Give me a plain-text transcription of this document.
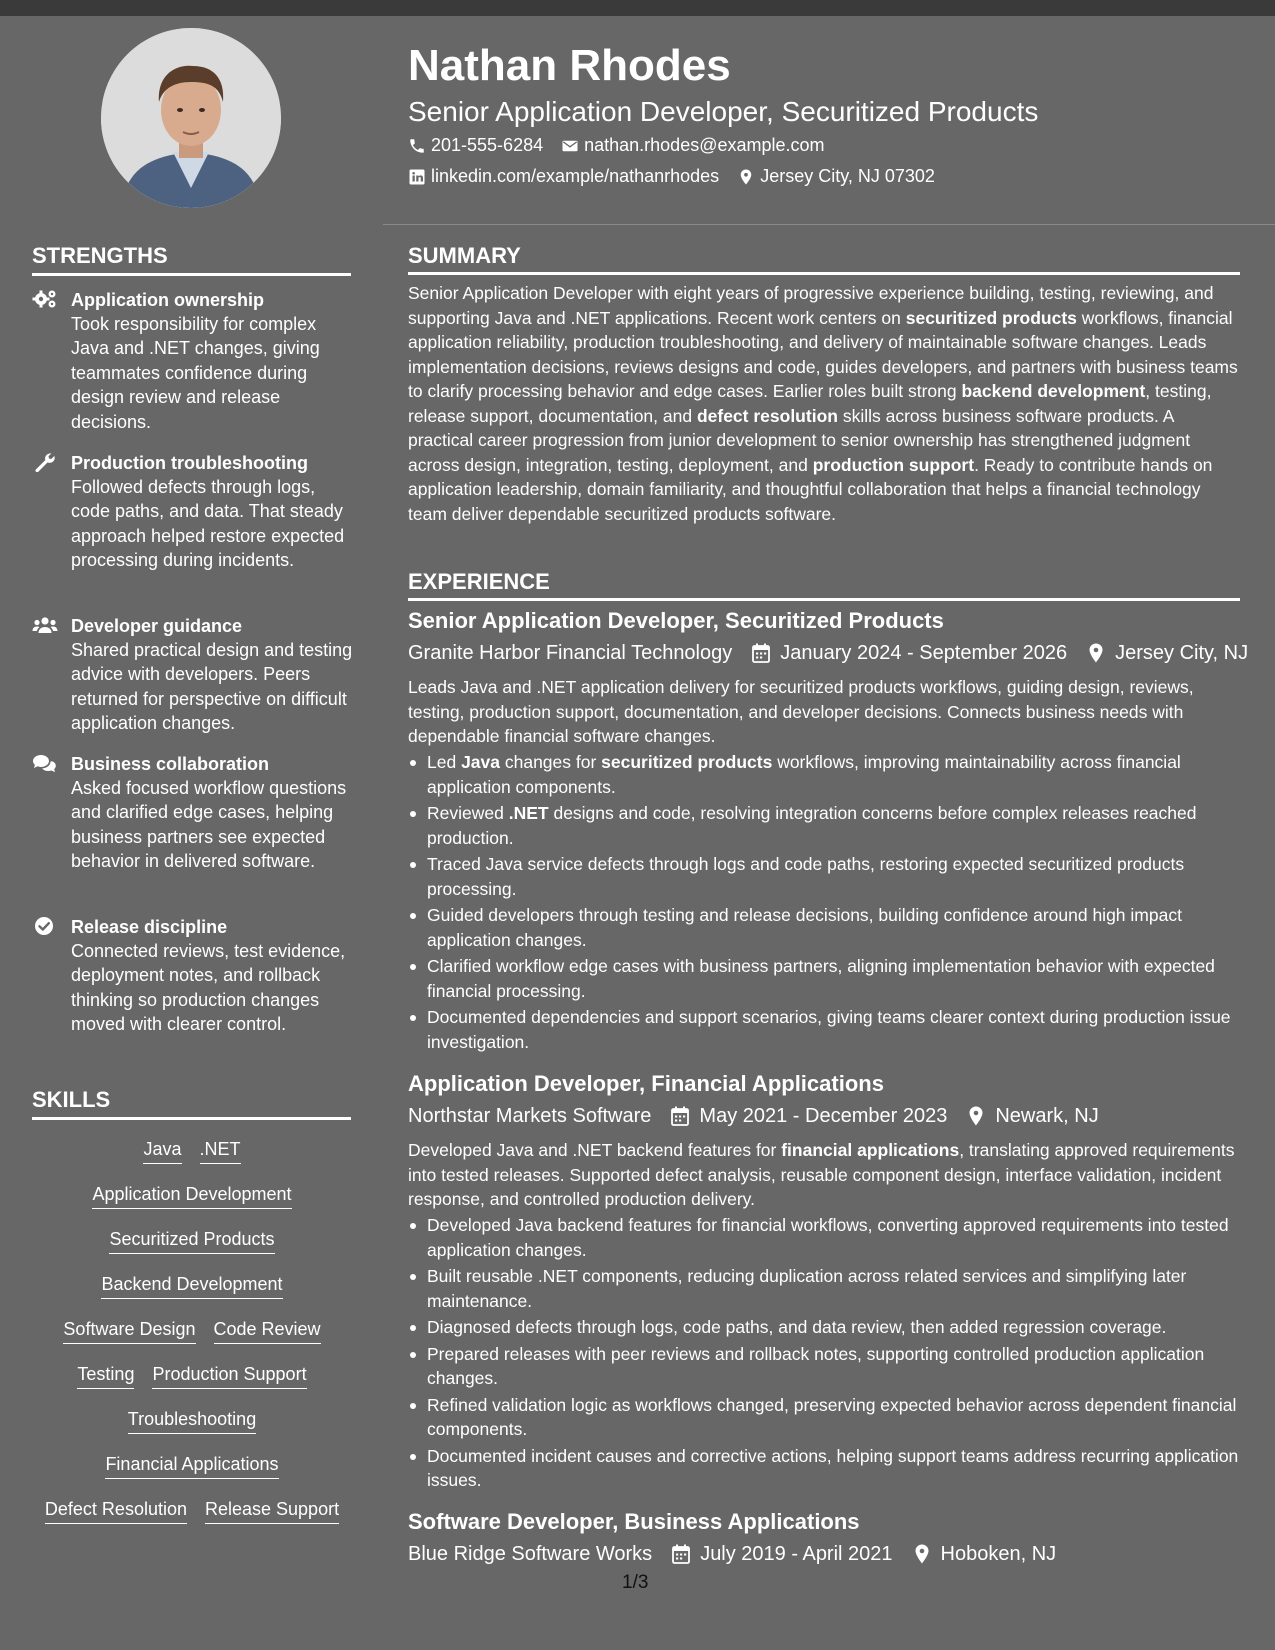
Nathan Rhodes
Senior Application Developer, Securitized Products
201-555-6284 nathan.rhodes@example.com
linkedin.com/example/nathanrhodes Jersey City, NJ 07302
STRENGTHS
Application ownership
Took responsibility for complex Java and .NET changes, giving teammates confidence during design review and release decisions.
Production troubleshooting
Followed defects through logs, code paths, and data. That steady approach helped restore expected processing during incidents.
Developer guidance
Shared practical design and testing advice with developers. Peers returned for perspective on difficult application changes.
Business collaboration
Asked focused workflow questions and clarified edge cases, helping business partners see expected behavior in delivered software.
Release discipline
Connected reviews, test evidence, deployment notes, and rollback thinking so production changes moved with clearer control.
SKILLS
Java .NET
Application Development
Securitized Products
Backend Development
Software Design Code Review
Testing Production Support
Troubleshooting
Financial Applications
Defect Resolution Release Support
SUMMARY
Senior Application Developer with eight years of progressive experience building, testing, reviewing, and supporting Java and .NET applications. Recent work centers on securitized products workflows, financial application reliability, production troubleshooting, and delivery of maintainable software changes. Leads implementation decisions, reviews designs and code, guides developers, and partners with business teams to clarify processing behavior and edge cases. Earlier roles built strong backend development, testing, release support, documentation, and defect resolution skills across business software products. A practical career progression from junior development to senior ownership has strengthened judgment across design, integration, testing, deployment, and production support. Ready to contribute hands on application leadership, domain familiarity, and thoughtful collaboration that helps a financial technology team deliver dependable securitized products software.
EXPERIENCE
Senior Application Developer, Securitized Products
Granite Harbor Financial Technology January 2024 - September 2026 Jersey City, NJ
Leads Java and .NET application delivery for securitized products workflows, guiding design, reviews, testing, production support, documentation, and developer decisions. Connects business needs with dependable financial software changes.
Led Java changes for securitized products workflows, improving maintainability across financial application components.
Reviewed .NET designs and code, resolving integration concerns before complex releases reached production.
Traced Java service defects through logs and code paths, restoring expected securitized products processing.
Guided developers through testing and release decisions, building confidence around high impact application changes.
Clarified workflow edge cases with business partners, aligning implementation behavior with expected financial processing.
Documented dependencies and support scenarios, giving teams clearer context during production issue investigation.
Application Developer, Financial Applications
Northstar Markets Software May 2021 - December 2023 Newark, NJ
Developed Java and .NET backend features for financial applications, translating approved requirements into tested releases. Supported defect analysis, reusable component design, interface validation, incident response, and controlled production delivery.
Developed Java backend features for financial workflows, converting approved requirements into tested application changes.
Built reusable .NET components, reducing duplication across related services and simplifying later maintenance.
Diagnosed defects through logs, code paths, and data review, then added regression coverage.
Prepared releases with peer reviews and rollback notes, supporting controlled production application changes.
Refined validation logic as workflows changed, preserving expected behavior across dependent financial components.
Documented incident causes and corrective actions, helping support teams address recurring application issues.
Software Developer, Business Applications
Blue Ridge Software Works July 2019 - April 2021 Hoboken, NJ
1/3
